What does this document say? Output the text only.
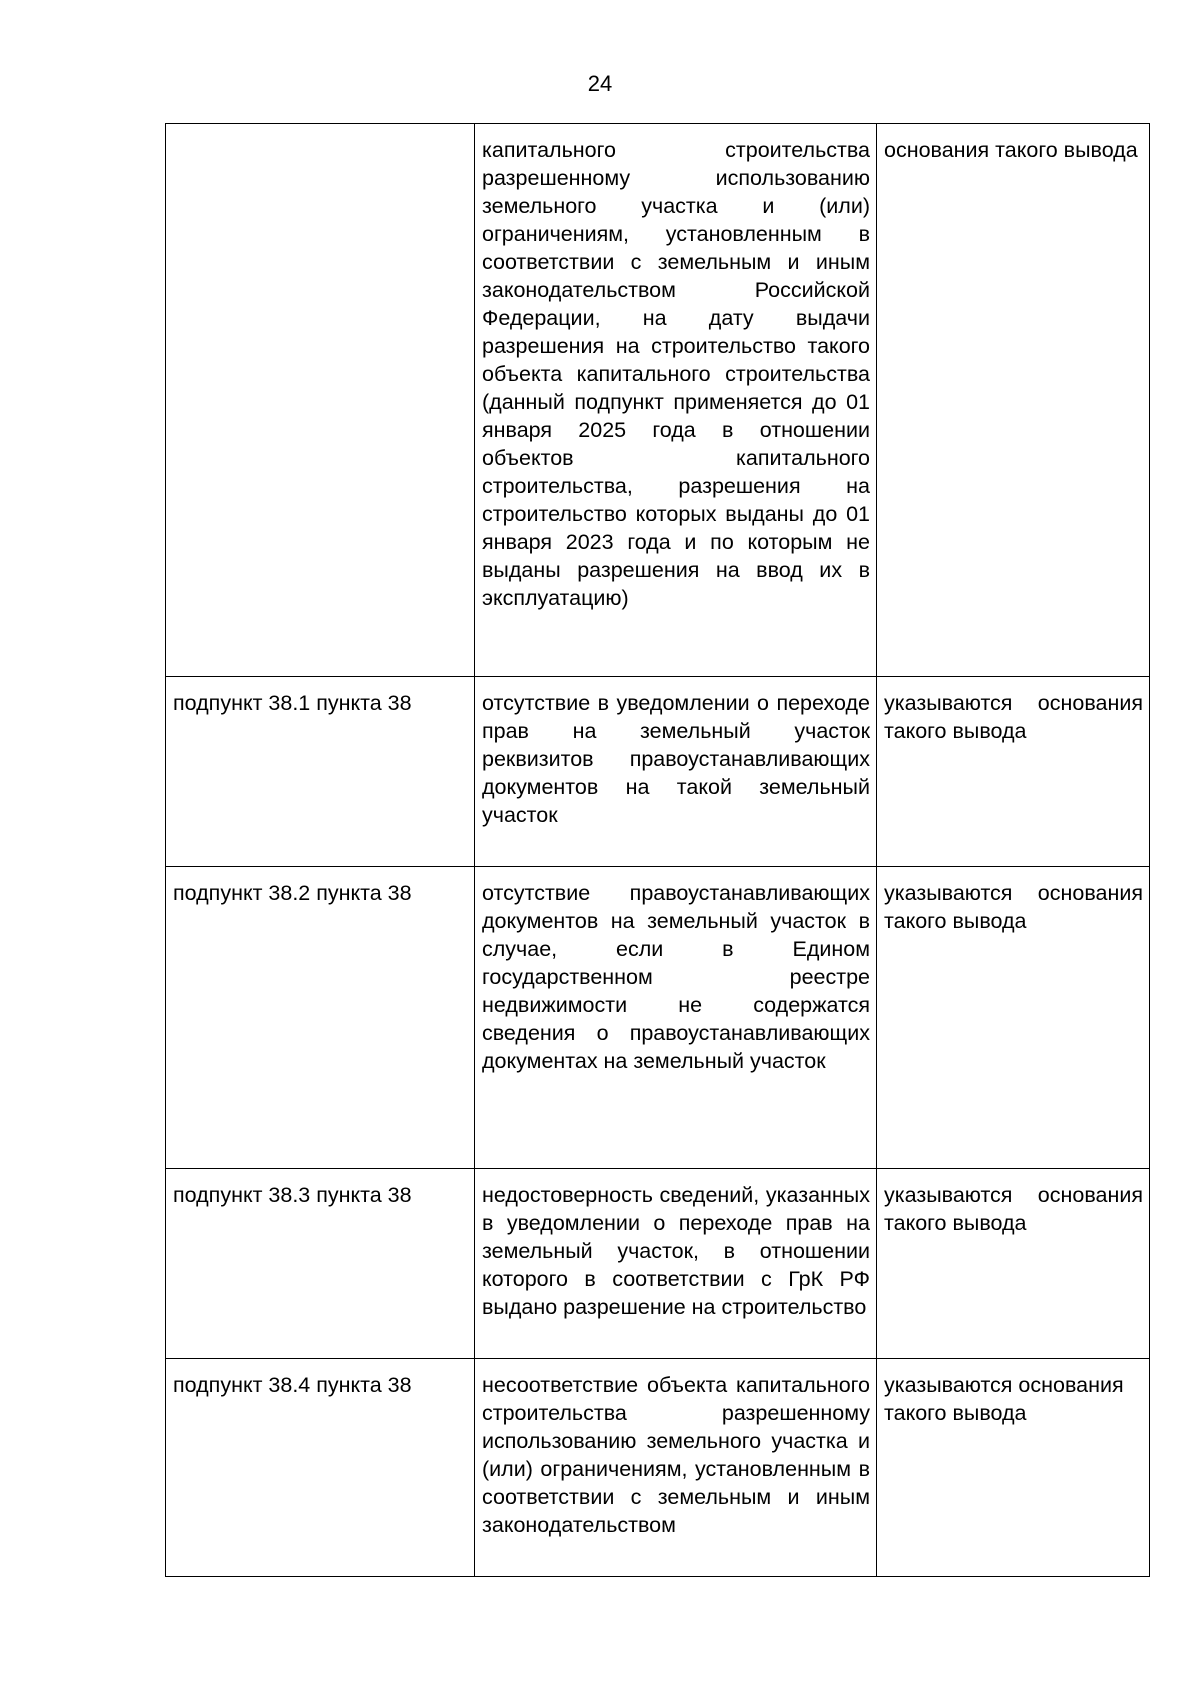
24
	капитального строительства разрешенному использованию земельного участка и (или) ограничениям, установленным в соответствии с земельным и иным законодательством Российской Федерации, на дату выдачи разрешения на строительство такого объекта капитального строительства (данный подпункт применяется до 01 января 2025 года в отношении объектов капитального строительства, разрешения на строительство которых выданы до 01 января 2023 года и по которым не выданы разрешения на ввод их в эксплуатацию)	основания такого вывода
подпункт 38.1 пункта 38	отсутствие в уведомлении о переходе прав на земельный участок реквизитов правоустанавливающих документов на такой земельный участок	указываются основания такого вывода
подпункт 38.2 пункта 38	отсутствие правоустанавливающих документов на земельный участок в случае, если в Едином государственном реестре недвижимости не содержатся сведения о правоустанавливающих документах на земельный участок	указываются основания такого вывода
подпункт 38.3 пункта 38	недостоверность сведений, указанных в уведомлении о переходе прав на земельный участок, в отношении которого в соответствии с ГрК РФ выдано разрешение на строительство	указываются основания такого вывода
подпункт 38.4 пункта 38	несоответствие объекта капитального строительства разрешенному использованию земельного участка и (или) ограничениям, установленным в соответствии с земельным и иным законодательством	указываются основания такого вывода
